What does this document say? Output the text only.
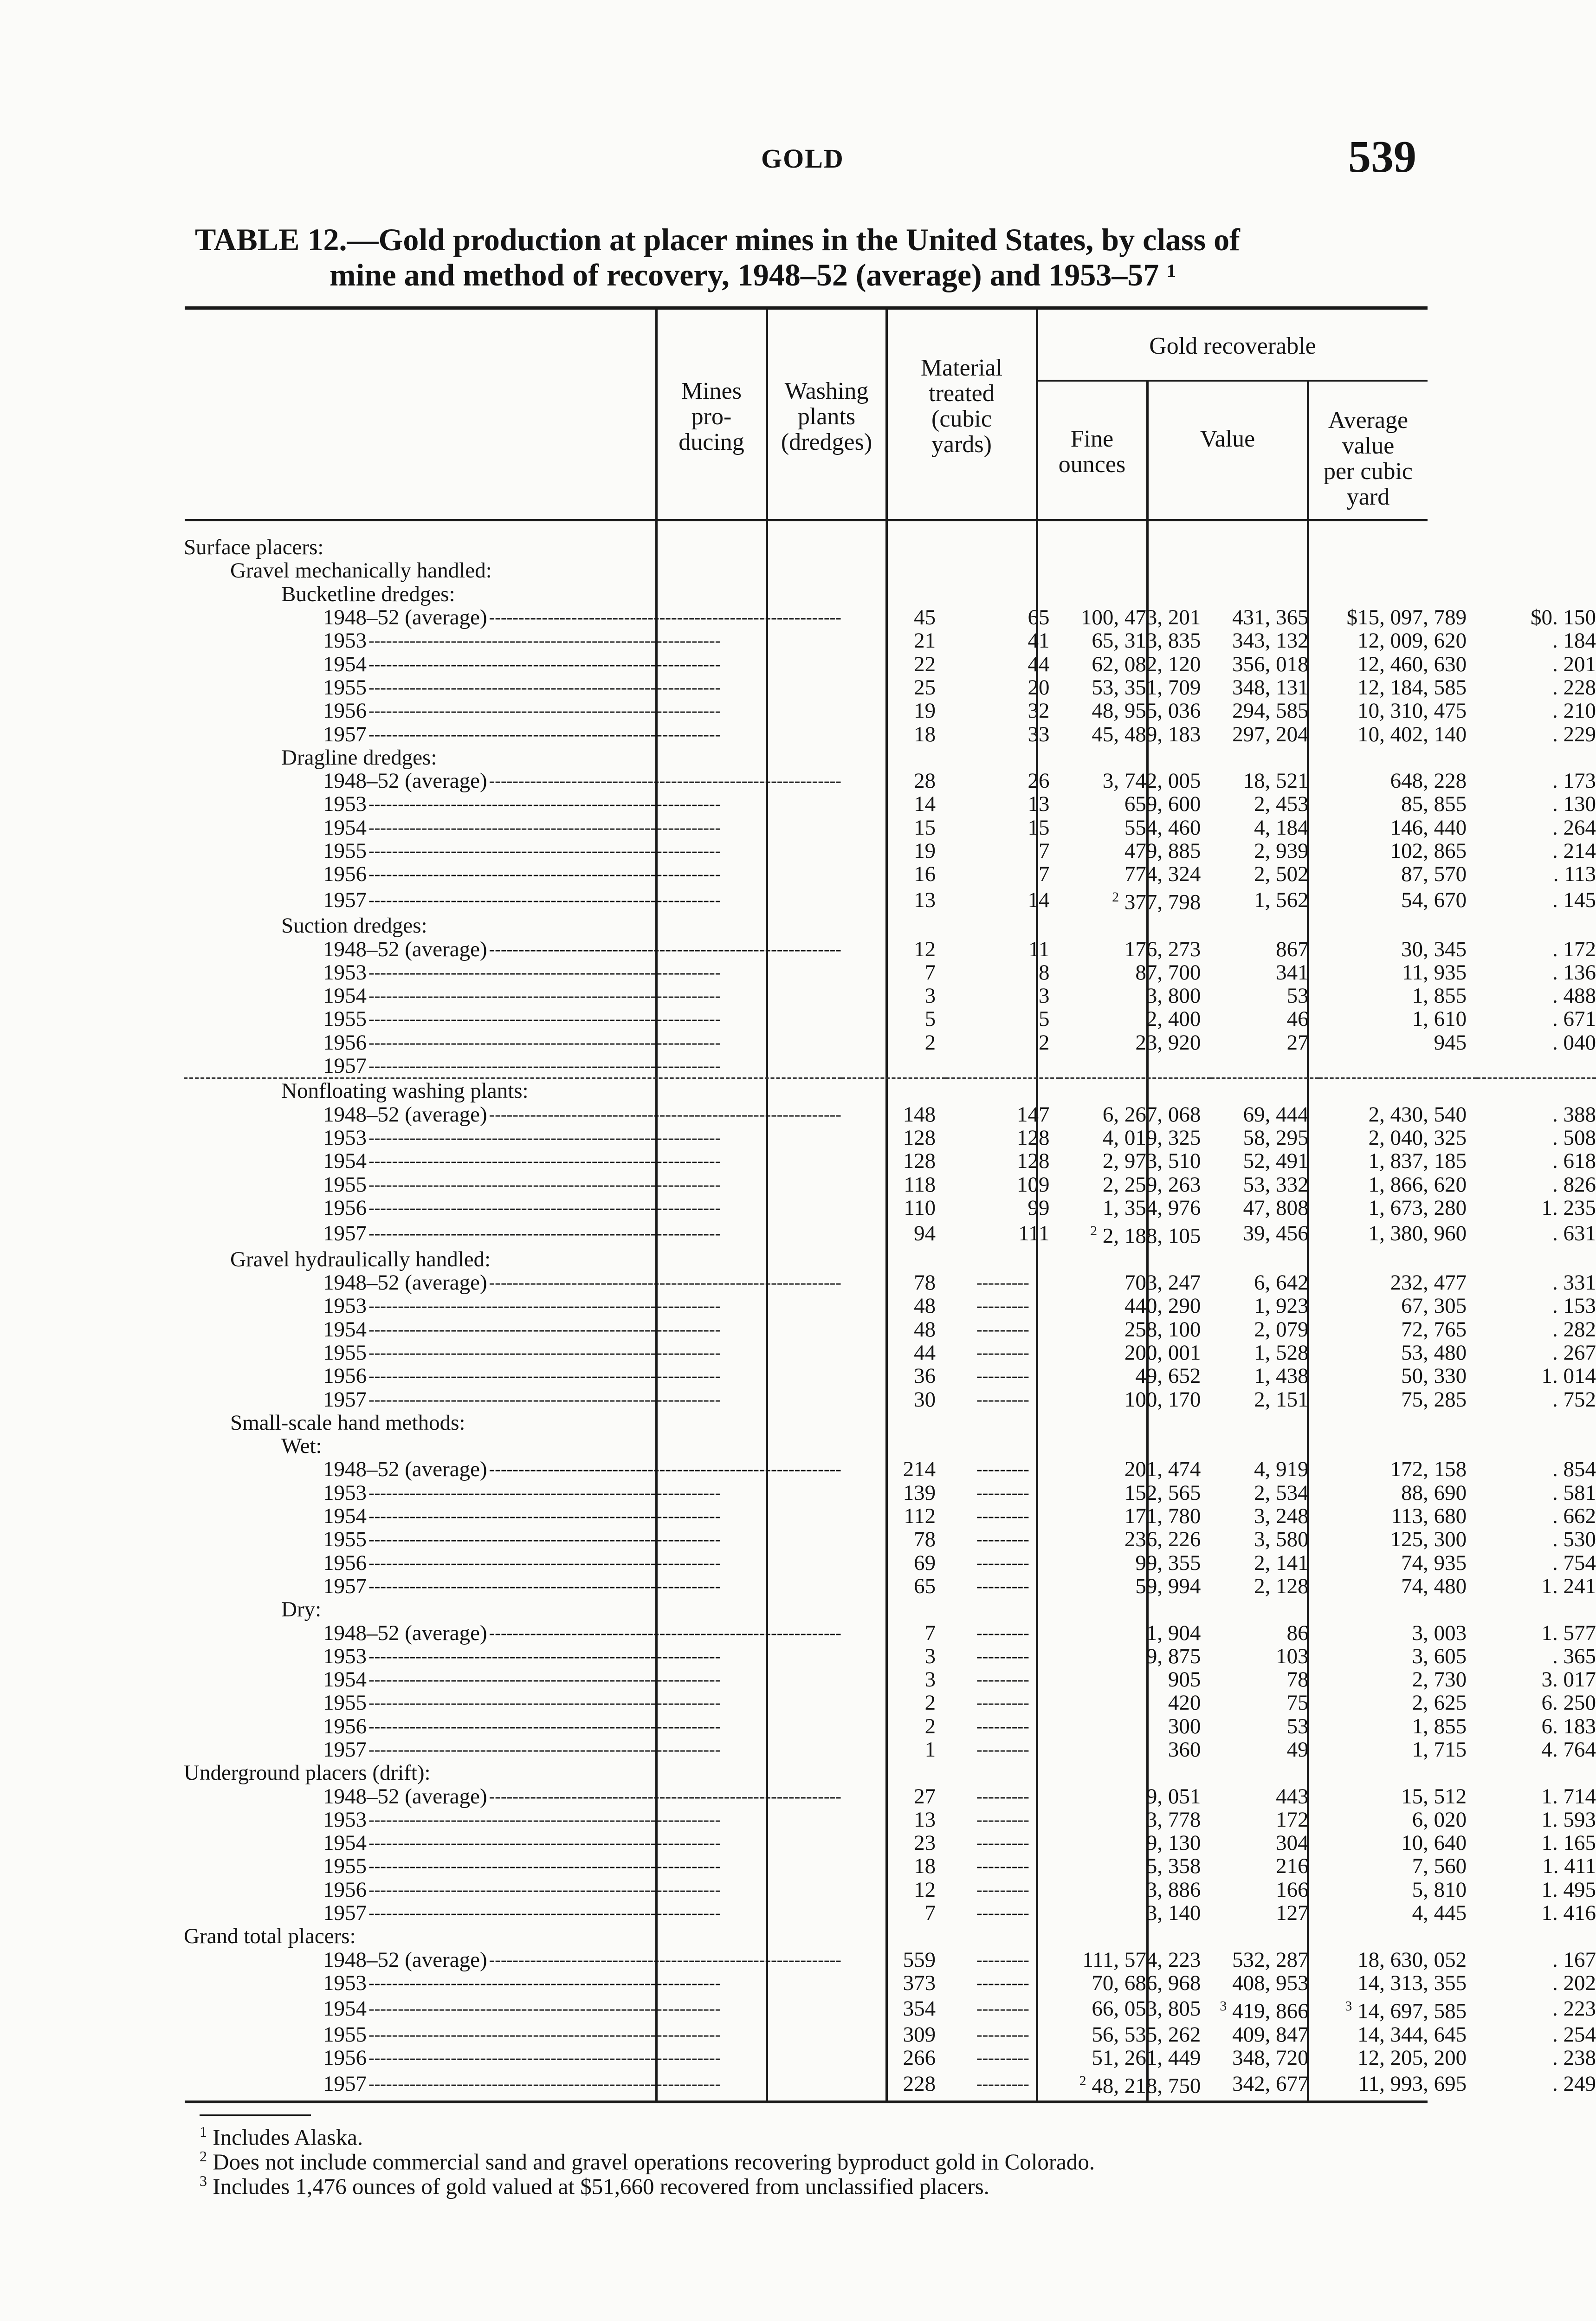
GOLD	539
TABLE 12.—Gold production at placer mines in the United States, by class of
mine and method of recovery, 1948–52 (average) and 1953–57 ¹
Mines
pro-
ducing
Washing
plants
(dredges)
Material
treated
(cubic
yards)
Gold recoverable
Fine
ounces
Value
Average
value
per cubic
yard
Surface placers:						

Gravel mechanically handled:						

Bucketline dredges:						

1948–52 (average) ------------------------------------------------------------	45	65	100, 473, 201	431, 365	$15, 097, 789	$0. 150

1953 ------------------------------------------------------------	21	41	65, 313, 835	343, 132	12, 009, 620	. 184

1954 ------------------------------------------------------------	22	44	62, 082, 120	356, 018	12, 460, 630	. 201

1955 ------------------------------------------------------------	25	20	53, 351, 709	348, 131	12, 184, 585	. 228

1956 ------------------------------------------------------------	19	32	48, 955, 036	294, 585	10, 310, 475	. 210

1957 ------------------------------------------------------------	18	33	45, 489, 183	297, 204	10, 402, 140	. 229

Dragline dredges:						

1948–52 (average) ------------------------------------------------------------	28	26	3, 742, 005	18, 521	648, 228	. 173

1953 ------------------------------------------------------------	14	13	659, 600	2, 453	85, 855	. 130

1954 ------------------------------------------------------------	15	15	554, 460	4, 184	146, 440	. 264

1955 ------------------------------------------------------------	19	7	479, 885	2, 939	102, 865	. 214

1956 ------------------------------------------------------------	16	7	774, 324	2, 502	87, 570	. 113

1957 ------------------------------------------------------------	13	14	$^2$ 377, 798	1, 562	54, 670	. 145

Suction dredges:						

1948–52 (average) ------------------------------------------------------------	12	11	176, 273	867	30, 345	. 172

1953 ------------------------------------------------------------	7	8	87, 700	341	11, 935	. 136

1954 ------------------------------------------------------------	3	3	3, 800	53	1, 855	. 488

1955 ------------------------------------------------------------	5	5	2, 400	46	1, 610	. 671

1956 ------------------------------------------------------------	2	2	23, 920	27	945	. 040

1957 ------------------------------------------------------------						

Nonfloating washing plants:						

1948–52 (average) ------------------------------------------------------------	148	147	6, 267, 068	69, 444	2, 430, 540	. 388

1953 ------------------------------------------------------------	128	128	4, 019, 325	58, 295	2, 040, 325	. 508

1954 ------------------------------------------------------------	128	128	2, 973, 510	52, 491	1, 837, 185	. 618

1955 ------------------------------------------------------------	118	109	2, 259, 263	53, 332	1, 866, 620	. 826

1956 ------------------------------------------------------------	110	99	1, 354, 976	47, 808	1, 673, 280	1. 235

1957 ------------------------------------------------------------	94	111	$^2$ 2, 188, 105	39, 456	1, 380, 960	. 631

Gravel hydraulically handled:						

1948–52 (average) ------------------------------------------------------------	78	---------	703, 247	6, 642	232, 477	. 331

1953 ------------------------------------------------------------	48	---------	440, 290	1, 923	67, 305	. 153

1954 ------------------------------------------------------------	48	---------	258, 100	2, 079	72, 765	. 282

1955 ------------------------------------------------------------	44	---------	200, 001	1, 528	53, 480	. 267

1956 ------------------------------------------------------------	36	---------	49, 652	1, 438	50, 330	1. 014

1957 ------------------------------------------------------------	30	---------	100, 170	2, 151	75, 285	. 752

Small-scale hand methods:						

Wet:						

1948–52 (average) ------------------------------------------------------------	214	---------	201, 474	4, 919	172, 158	. 854

1953 ------------------------------------------------------------	139	---------	152, 565	2, 534	88, 690	. 581

1954 ------------------------------------------------------------	112	---------	171, 780	3, 248	113, 680	. 662

1955 ------------------------------------------------------------	78	---------	236, 226	3, 580	125, 300	. 530

1956 ------------------------------------------------------------	69	---------	99, 355	2, 141	74, 935	. 754

1957 ------------------------------------------------------------	65	---------	59, 994	2, 128	74, 480	1. 241

Dry:						

1948–52 (average) ------------------------------------------------------------	7	---------	1, 904	86	3, 003	1. 577

1953 ------------------------------------------------------------	3	---------	9, 875	103	3, 605	. 365

1954 ------------------------------------------------------------	3	---------	905	78	2, 730	3. 017

1955 ------------------------------------------------------------	2	---------	420	75	2, 625	6. 250

1956 ------------------------------------------------------------	2	---------	300	53	1, 855	6. 183

1957 ------------------------------------------------------------	1	---------	360	49	1, 715	4. 764

Underground placers (drift):						

1948–52 (average) ------------------------------------------------------------	27	---------	9, 051	443	15, 512	1. 714

1953 ------------------------------------------------------------	13	---------	3, 778	172	6, 020	1. 593

1954 ------------------------------------------------------------	23	---------	9, 130	304	10, 640	1. 165

1955 ------------------------------------------------------------	18	---------	5, 358	216	7, 560	1. 411

1956 ------------------------------------------------------------	12	---------	3, 886	166	5, 810	1. 495

1957 ------------------------------------------------------------	7	---------	3, 140	127	4, 445	1. 416

Grand total placers:						

1948–52 (average) ------------------------------------------------------------	559	---------	111, 574, 223	532, 287	18, 630, 052	. 167

1953 ------------------------------------------------------------	373	---------	70, 686, 968	408, 953	14, 313, 355	. 202

1954 ------------------------------------------------------------	354	---------	66, 053, 805	$^3$ 419, 866	$^3$ 14, 697, 585	. 223

1955 ------------------------------------------------------------	309	---------	56, 535, 262	409, 847	14, 344, 645	. 254

1956 ------------------------------------------------------------	266	---------	51, 261, 449	348, 720	12, 205, 200	. 238

1957 ------------------------------------------------------------	228	---------	$^2$ 48, 218, 750	342, 677	11, 993, 695	. 249
$^1$ Includes Alaska.
$^2$ Does not include commercial sand and gravel operations recovering byproduct gold in Colorado.
$^3$ Includes 1,476 ounces of gold valued at $51,660 recovered from unclassified placers.
